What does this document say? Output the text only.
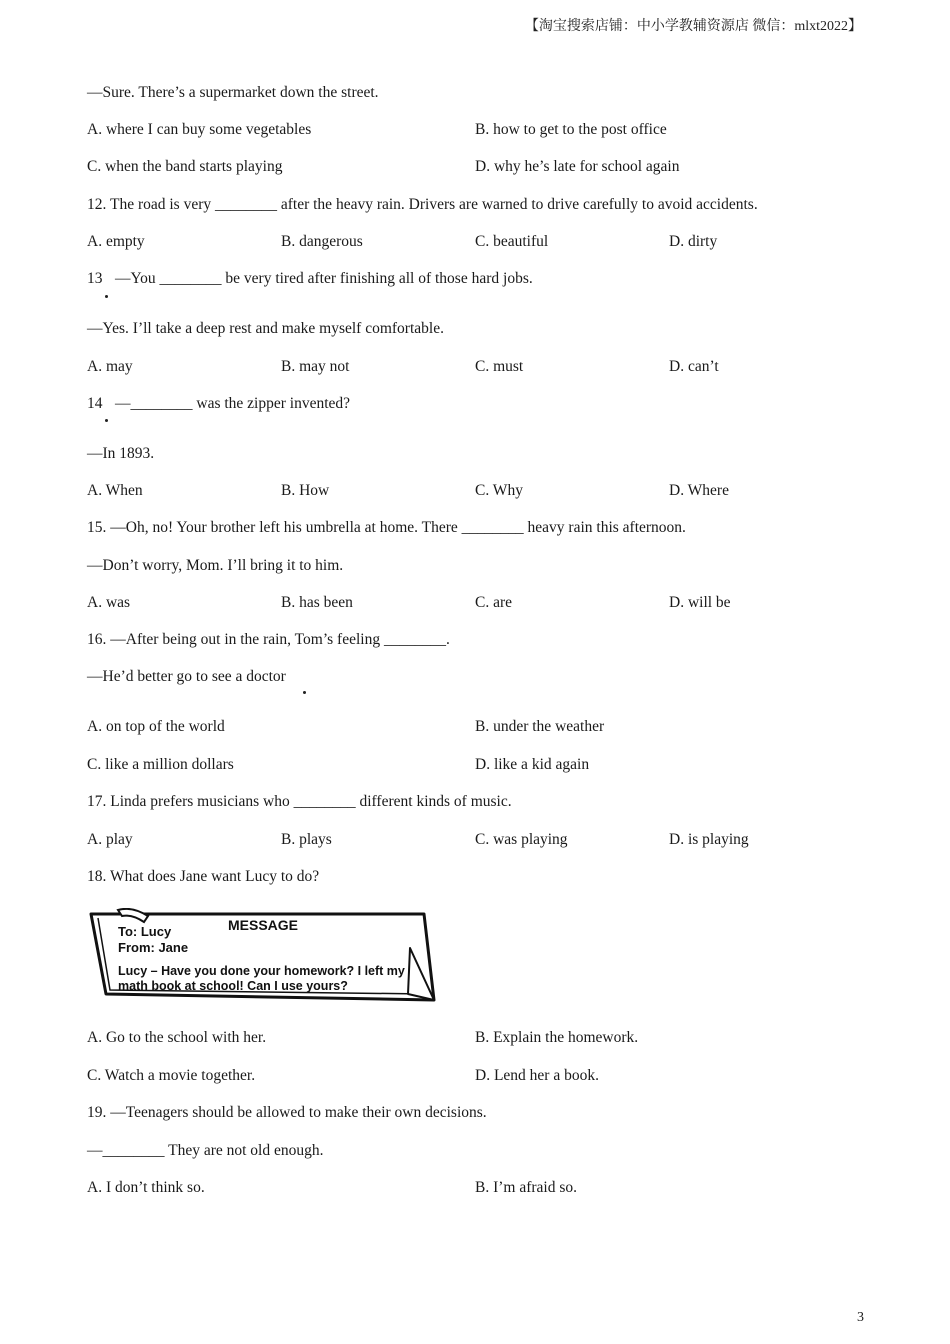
【淘宝搜索店铺：中小学教辅资源店 微信：mlxt2022】
—Sure. There’s a supermarket down the street.
A. where I can buy some vegetables	B. how to get to the post office
C. when the band starts playing	D. why he’s late for school again
12. The road is very ________ after the heavy rain. Drivers are warned to drive carefully to avoid accidents.
A. empty	B. dangerous	C. beautiful	D. dirty
13 —You ________ be very tired after finishing all of those hard jobs.
—Yes. I’ll take a deep rest and make myself comfortable.
A. may	B. may not	C. must	D. can’t
14 —________ was the zipper invented?
—In 1893.
A. When	B. How	C. Why	D. Where
15. —Oh, no! Your brother left his umbrella at home. There ________ heavy rain this afternoon.
—Don’t worry, Mom. I’ll bring it to him.
A. was	B. has been	C. are	D. will be
16. —After being out in the rain, Tom’s feeling ________.
—He’d better go to see a doctor
A. on top of the world	B. under the weather
C. like a million dollars	D. like a kid again
17. Linda prefers musicians who ________ different kinds of music.
A. play	B. plays	C. was playing	D. is playing
18. What does Jane want Lucy to do?
MESSAGE
To: Lucy
From: Jane
Lucy – Have you done your homework? I left my
math book at school! Can I use yours?
A. Go to the school with her.	B. Explain the homework.
C. Watch a movie together.	D. Lend her a book.
19. —Teenagers should be allowed to make their own decisions.
—________ They are not old enough.
A. I don’t think so.	B. I’m afraid so.
3
